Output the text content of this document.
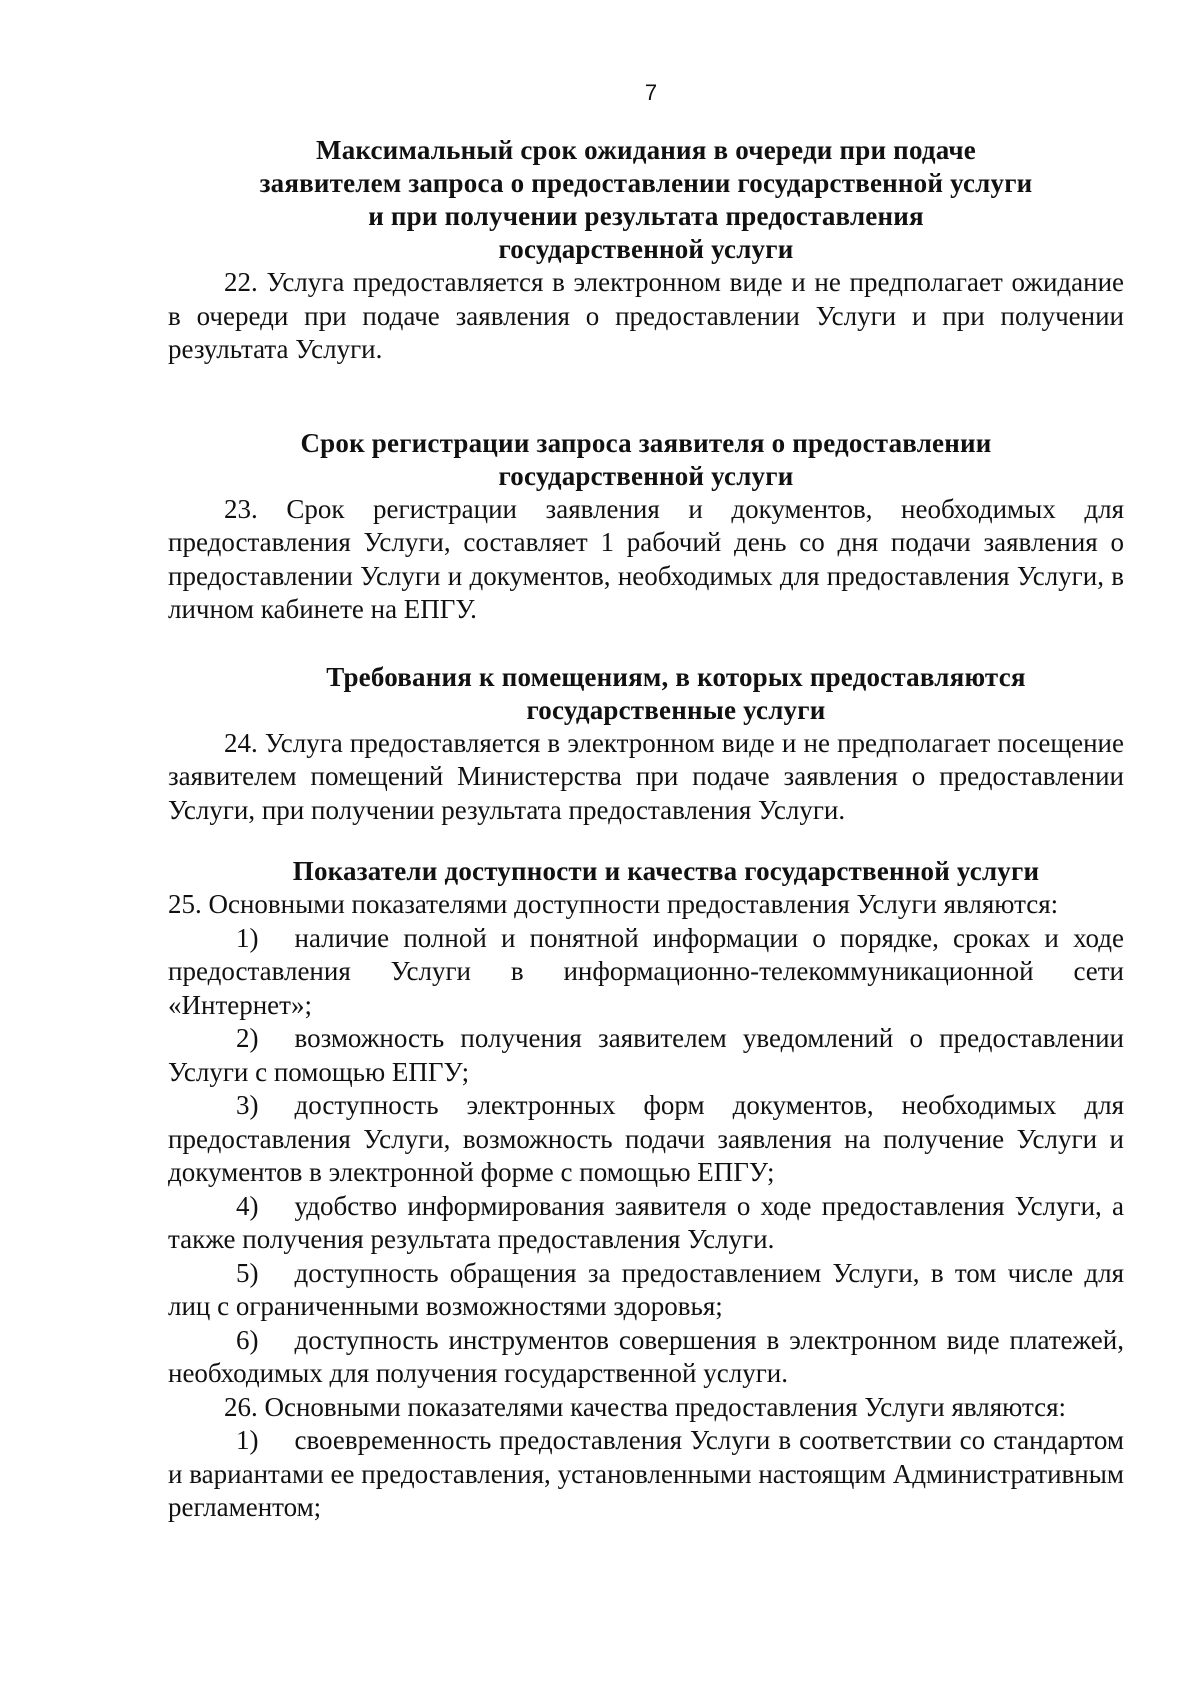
7
Максимальный срок ожидания в очереди при подаче
заявителем запроса о предоставлении государственной услуги
и при получении результата предоставления
государственной услуги

22. Услуга предоставляется в электронном виде и не предполагает ожидание в очереди при подаче заявления о предоставлении Услуги и при получении результата Услуги.

Срок регистрации запроса заявителя о предоставлении
государственной услуги

23. Срок регистрации заявления и документов, необходимых для предоставления Услуги, составляет 1 рабочий день со дня подачи заявления о предоставлении Услуги и документов, необходимых для предоставления Услуги, в личном кабинете на ЕПГУ.

Требования к помещениям, в которых предоставляются
государственные услуги

24. Услуга предоставляется в электронном виде и не предполагает посещение заявителем помещений Министерства при подаче заявления о предоставлении Услуги, при получении результата предоставления Услуги.

Показатели доступности и качества государственной услуги

25. Основными показателями доступности предоставления Услуги являются:

1) наличие полной и понятной информации о порядке, сроках и ходе предоставления Услуги в информационно-телекоммуникационной сети «Интернет»;

2) возможность получения заявителем уведомлений о предоставлении Услуги с помощью ЕПГУ;

3) доступность электронных форм документов, необходимых для предоставления Услуги, возможность подачи заявления на получение Услуги и документов в электронной форме с помощью ЕПГУ;

4) удобство информирования заявителя о ходе предоставления Услуги, а также получения результата предоставления Услуги.

5) доступность обращения за предоставлением Услуги, в том числе для лиц с ограниченными возможностями здоровья;

6) доступность инструментов совершения в электронном виде платежей, необходимых для получения государственной услуги.

26. Основными показателями качества предоставления Услуги являются:

1) своевременность предоставления Услуги в соответствии со стандартом и вариантами ее предоставления, установленными настоящим Административным регламентом;
